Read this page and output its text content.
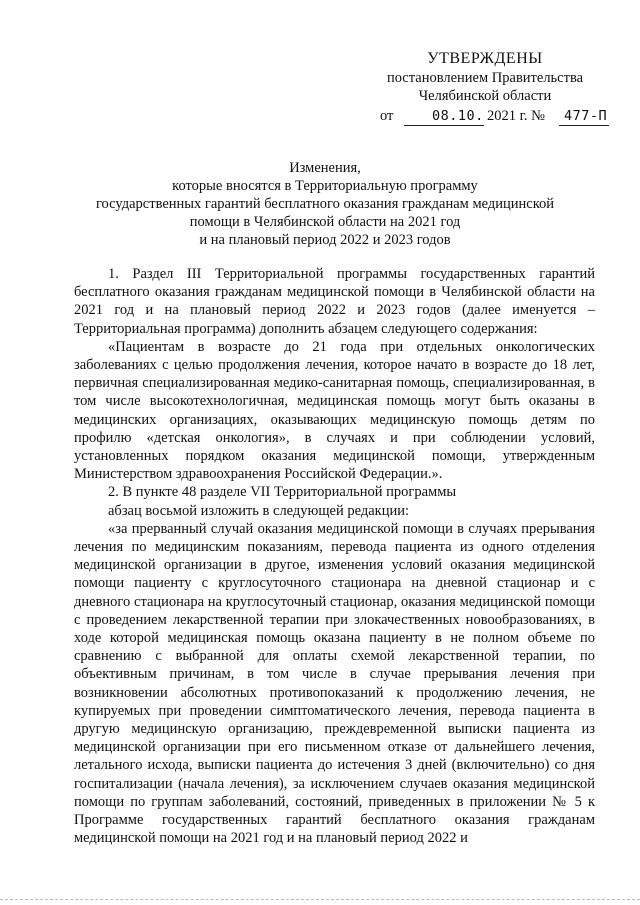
УТВЕРЖДЕНЫ
постановлением Правительства
Челябинской области
от	08.10. 2021 г. № 477-П
Изменения,
которые вносятся в Территориальную программу
государственных гарантий бесплатного оказания гражданам медицинской
помощи в Челябинской области на 2021 год
и на плановый период 2022 и 2023 годов

1. Раздел III Территориальной программы государственных гарантий бесплатного оказания гражданам медицинской помощи в Челябинской области на 2021 год и на плановый период 2022 и 2023 годов (далее именуется – Территориальная программа) дополнить абзацем следующего содержания:

«Пациентам в возрасте до 21 года при отдельных онкологических заболеваниях с целью продолжения лечения, которое начато в возрасте до 18 лет, первичная специализированная медико-санитарная помощь, специализированная, в том числе высокотехнологичная, медицинская помощь могут быть оказаны в медицинских организациях, оказывающих медицинскую помощь детям по профилю «детская онкология», в случаях и при соблюдении условий, установленных порядком оказания медицинской помощи, утвержденным Министерством здравоохранения Российской Федерации.».

2. В пункте 48 разделе VII Территориальной программы

абзац восьмой изложить в следующей редакции:

«за прерванный случай оказания медицинской помощи в случаях прерывания лечения по медицинским показаниям, перевода пациента из одного отделения медицинской организации в другое, изменения условий оказания медицинской помощи пациенту с круглосуточного стационара на дневной стационар и с дневного стационара на круглосуточный стационар, оказания медицинской помощи с проведением лекарственной терапии при злокачественных новообразованиях, в ходе которой медицинская помощь оказана пациенту в не полном объеме по сравнению с выбранной для оплаты схемой лекарственной терапии, по объективным причинам, в том числе в случае прерывания лечения при возникновении абсолютных противопоказаний к продолжению лечения, не купируемых при проведении симптоматического лечения, перевода пациента в другую медицинскую организацию, преждевременной выписки пациента из медицинской организации при его письменном отказе от дальнейшего лечения, летального исхода, выписки пациента до истечения 3 дней (включительно) со дня госпитализации (начала лечения), за исключением случаев оказания медицинской помощи по группам заболеваний, состояний, приведенных в приложении № 5 к Программе государственных гарантий бесплатного оказания гражданам медицинской помощи на 2021 год и на плановый период 2022 и
